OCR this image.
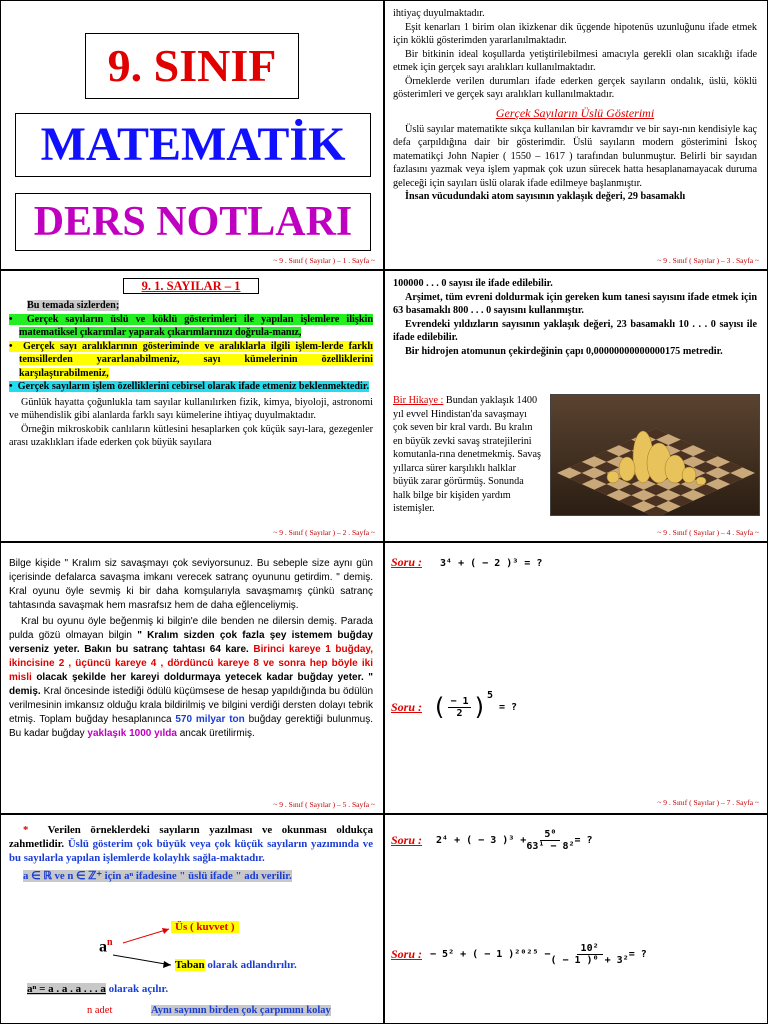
9. SINIF
MATEMATİK
DERS NOTLARI
~ 9 . Sınıf ( Sayılar ) – 1 . Sayfa ~
ihtiyaç duyulmaktadır.
Eşit kenarları 1 birim olan ikizkenar dik üçgende hipotenüs uzunluğunu ifade etmek için köklü gösterimden yararlanılmaktadır.
Bir bitkinin ideal koşullarda yetiştirilebilmesi amacıyla gerekli olan sıcaklığı ifade etmek için gerçek sayı aralıkları kullanılmaktadır.
Örneklerde verilen durumları ifade ederken gerçek sayıların ondalık, üslü, köklü gösterimleri ve gerçek sayı aralıkları kullanılmaktadır.
Gerçek Sayıların Üslü Gösterimi
Üslü sayılar matematikte sıkça kullanılan bir kavramdır ve bir sayı-nın kendisiyle kaç defa çarpıldığına dair bir gösterimdir. Üslü sayıların modern gösterimini İskoç matematikçi John Napier ( 1550 – 1617 ) tarafından bulunmuştur. Belirli bir sayıdan fazlasını yazmak veya işlem yapmak çok uzun sürecek hatta hesaplanamayacak duruma geleceği için sayıları üslü olarak ifade edilmeye başlanmıştır.
İnsan vücudundaki atom sayısının yaklaşık değeri, 29 basamaklı
~ 9 . Sınıf ( Sayılar ) – 3 . Sayfa ~
9. 1. SAYILAR – 1
Bu temada sizlerden;
•  Gerçek sayıların üslü ve köklü gösterimleri ile yapılan işlemlere ilişkin matematiksel çıkarımlar yaparak çıkarımlarınızı doğrula-manız,
•  Gerçek sayı aralıklarının gösteriminde ve aralıklarla ilgili işlem-lerde farklı temsillerden yararlanabilmeniz, sayı kümelerinin özelliklerini karşılaştırabilmeniz,
•  Gerçek sayıların işlem özelliklerini cebirsel olarak ifade etmeniz beklenmektedir.
Günlük hayatta çoğunlukla tam sayılar kullanılırken fizik, kimya, biyoloji, astronomi ve mühendislik gibi alanlarda farklı sayı kümelerine ihtiyaç duyulmaktadır.
Örneğin mikroskobik canlıların kütlesini hesaplarken çok küçük sayı-lara, gezegenler arası uzaklıkları ifade ederken çok büyük sayılara
~ 9 . Sınıf ( Sayılar ) – 2 . Sayfa ~
100000 . . . 0 sayısı ile ifade edilebilir.
Arşimet, tüm evreni doldurmak için gereken kum tanesi sayısını ifade etmek için 63 basamaklı 800 . . . 0 sayısını kullanmıştır.
Evrendeki yıldızların sayısının yaklaşık değeri, 23 basamaklı 10 . . . 0 sayısı ile ifade edilebilir.
Bir hidrojen atomunun çekirdeğinin çapı 0,00000000000000175 metredir.
Bir Hikaye : Bundan yaklaşık 1400 yıl evvel Hindistan'da savaşmayı çok seven bir kral vardı. Bu kralın en büyük zevki savaş stratejilerini komutanla-rına denetmekmiş. Savaş yıllarca sürer karşılıklı halklar büyük zarar görürmüş. Sonunda halk bilge bir kişiden yardım istemişler.
~ 9 . Sınıf ( Sayılar ) – 4 . Sayfa ~
Bilge kişide " Kralım siz savaşmayı çok seviyorsunuz. Bu sebeple size aynı gün içerisinde defalarca savaşma imkanı verecek satranç oyununu getirdim. " demiş. Kral oyunu öyle sevmiş ki bir daha komşularıyla savaşmamış çünkü satranç tahtasında savaşmak hem masrafsız hem de daha eğlenceliymiş.
Kral bu oyunu öyle beğenmiş ki bilgin'e dile benden ne dilersin demiş. Parada pulda gözü olmayan bilgin " Kralım sizden çok fazla şey istemem buğday verseniz yeter. Bakın bu satranç tahtası 64 kare. Birinci kareye 1 buğday, ikincisine 2 , üçüncü kareye 4 , dördüncü kareye 8 ve sonra hep böyle iki misli olacak şekilde her kareyi doldurmaya yetecek kadar buğday yeter. " demiş. Kral öncesinde istediği ödülü küçümsese de hesap yapıldığında bu ödülün verilmesinin imkansız olduğu krala bildirilmiş ve bilgini verdiği dersten dolayı tebrik etmiş. Toplam buğday hesaplanınca 570 milyar ton buğday gerektiği bulunmuş. Bu kadar buğday yaklaşık 1000 yılda ancak üretilirmiş.
~ 9 . Sınıf ( Sayılar ) – 5 . Sayfa ~
Soru : 3⁴ + ( − 2 )³ = ?
Soru : ( − 1
2 ) 5
= ?
~ 9 . Sınıf ( Sayılar ) – 7 . Sayfa ~
* Verilen örneklerdeki sayıların yazılması ve okunması oldukça zahmetlidir. Üslü gösterim çok büyük veya çok küçük sayıların yazımında ve bu sayılarla yapılan işlemlerde kolaylık sağla-maktadır.
a ∈ ℝ ve n ∈ ℤ⁺ için aⁿ ifadesine " üslü ifade " adı verilir.
$a^n$
Üs ( kuvvet )
Taban olarak adlandırılır.
aⁿ = a . a . a . . . a olarak açılır.
n adet	Aynı sayının birden çok çarpımını kolay
Soru : 2⁴ + ( − 3 )$^3 + \frac{\text{5⁰}}{\text{63¹ − 8²}}$ = ?
Soru : − 5² + ( − 1 )$^{2025} - \frac{\text{10²}}{\text{( − 1 )⁰ + 3²}}$ = ?
